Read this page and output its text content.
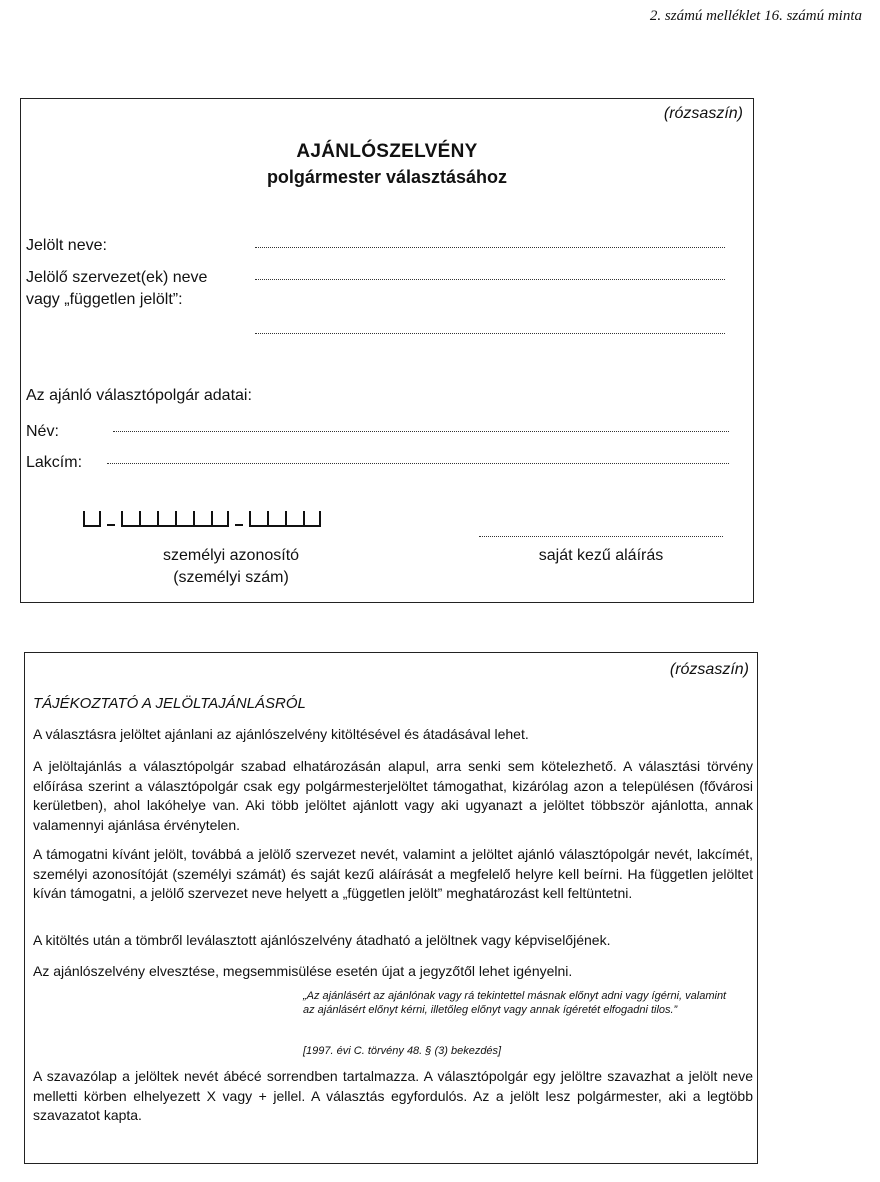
2. számú melléklet 16. számú minta
(rózsaszín)
AJÁNLÓSZELVÉNY
polgármester választásához
Jelölt neve:
Jelölő szervezet(ek) neve
vagy „független jelölt”:
Az ajánló választópolgár adatai:
Név:
Lakcím:
személyi azonosító
(személyi szám)
saját kezű aláírás
(rózsaszín)
TÁJÉKOZTATÓ A JELÖLTAJÁNLÁSRÓL

A választásra jelöltet ajánlani az ajánlószelvény kitöltésével és átadásával lehet.

A jelöltajánlás a választópolgár szabad elhatározásán alapul, arra senki sem kötelezhető. A választási törvény előírása szerint a választópolgár csak egy polgármesterjelöltet támogathat, kizárólag azon a településen (fővárosi kerületben), ahol lakóhelye van. Aki több jelöltet ajánlott vagy aki ugyanazt a jelöltet többször ajánlotta, annak valamennyi ajánlása érvénytelen.

A támogatni kívánt jelölt, továbbá a jelölő szervezet nevét, valamint a jelöltet ajánló választópolgár nevét, lakcímét, személyi azonosítóját (személyi számát) és saját kezű aláírását a megfelelő helyre kell beírni. Ha független jelöltet kíván támogatni, a jelölő szervezet neve helyett a „független jelölt” meghatározást kell feltüntetni.

A kitöltés után a tömbről leválasztott ajánlószelvény átadható a jelöltnek vagy képviselőjének.

Az ajánlószelvény elvesztése, megsemmisülése esetén újat a jegyzőtől lehet igényelni.

„Az ajánlásért az ajánlónak vagy rá tekintettel másnak előnyt adni vagy ígérni, valamint az ajánlásért előnyt kérni, illetőleg előnyt vagy annak ígéretét elfogadni tilos.”

[1997. évi C. törvény 48. § (3) bekezdés]

A szavazólap a jelöltek nevét ábécé sorrendben tartalmazza. A választópolgár egy jelöltre szavazhat a jelölt neve melletti körben elhelyezett X vagy + jellel. A választás egyfordulós. Az a jelölt lesz polgármester, aki a legtöbb szavazatot kapta.
